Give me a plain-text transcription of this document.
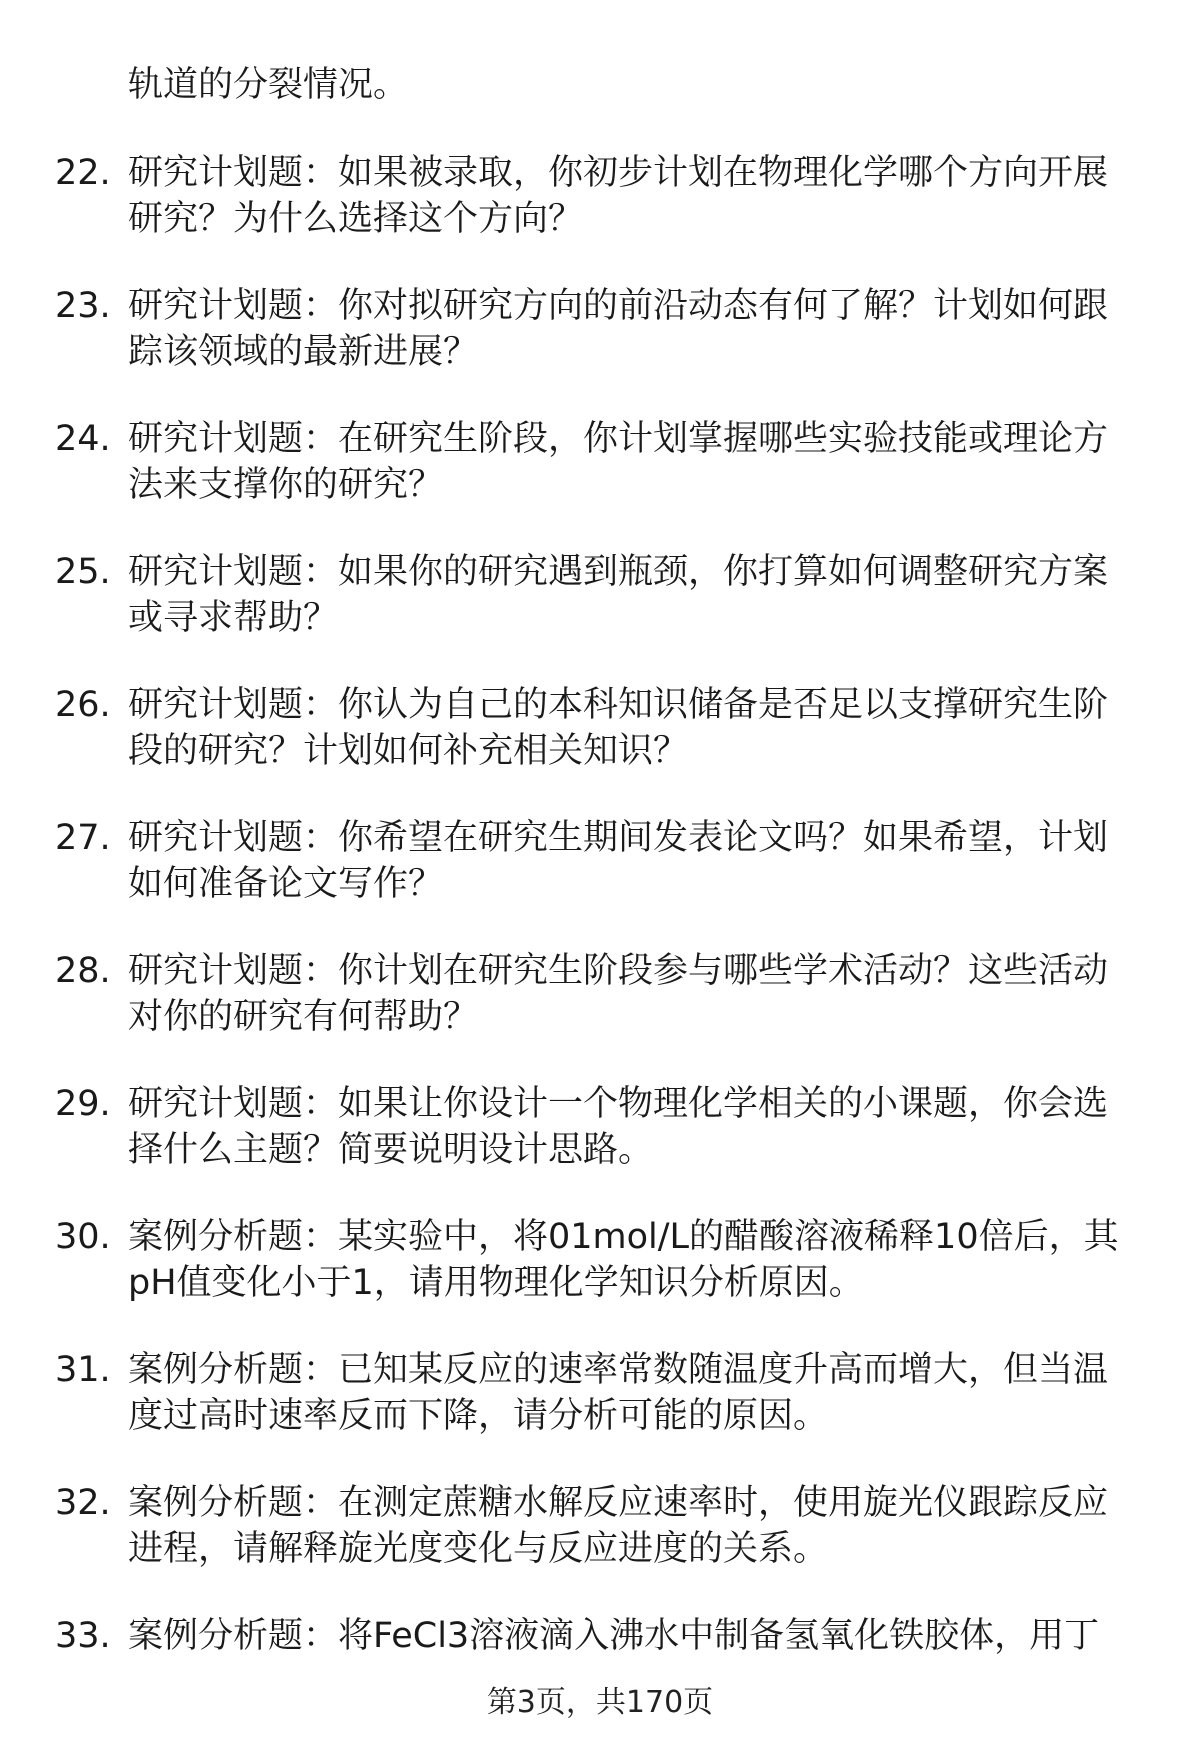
轨道的分裂情况。
22. 研究计划题：如果被录取，你初步计划在物理化学哪个方向开展
研究？为什么选择这个方向？
23. 研究计划题：你对拟研究方向的前沿动态有何了解？计划如何跟
踪该领域的最新进展？
24. 研究计划题：在研究生阶段，你计划掌握哪些实验技能或理论方
法来支撑你的研究？
25. 研究计划题：如果你的研究遇到瓶颈，你打算如何调整研究方案
或寻求帮助？
26. 研究计划题：你认为自己的本科知识储备是否足以支撑研究生阶
段的研究？计划如何补充相关知识？
27. 研究计划题：你希望在研究生期间发表论文吗？如果希望，计划
如何准备论文写作？
28. 研究计划题：你计划在研究生阶段参与哪些学术活动？这些活动
对你的研究有何帮助？
29. 研究计划题：如果让你设计一个物理化学相关的小课题，你会选
择什么主题？简要说明设计思路。
30. 案例分析题：某实验中，将01mol/L的醋酸溶液稀释10倍后，其
pH值变化小于1，请用物理化学知识分析原因。
31. 案例分析题：已知某反应的速率常数随温度升高而增大，但当温
度过高时速率反而下降，请分析可能的原因。
32. 案例分析题：在测定蔗糖水解反应速率时，使用旋光仪跟踪反应
进程，请解释旋光度变化与反应进度的关系。
33. 案例分析题：将FeCl3溶液滴入沸水中制备氢氧化铁胶体，用丁
第3页，共170页
